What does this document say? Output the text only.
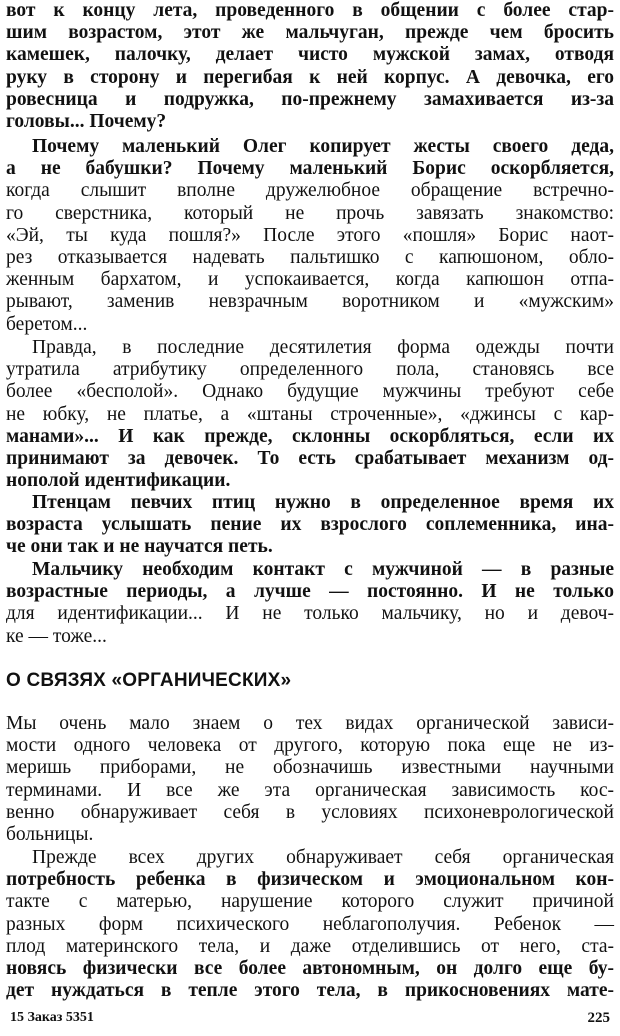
вот к концу лета, проведенного в общении с более стар-
шим возрастом, этот же мальчуган, прежде чем бросить
камешек, палочку, делает чисто мужской замах, отводя
руку в сторону и перегибая к ней корпус. А девочка, его
ровесница и подружка, по-прежнему замахивается из-за
головы... Почему?
Почему маленький Олег копирует жесты своего деда,
а не бабушки? Почему маленький Борис оскорбляется,
когда слышит вполне дружелюбное обращение встречно-
го сверстника, который не прочь завязать знакомство:
«Эй, ты куда пошля?» После этого «пошля» Борис наот-
рез отказывается надевать пальтишко с капюшоном, обло-
женным бархатом, и успокаивается, когда капюшон отпа-
рывают, заменив невзрачным воротником и «мужским»
беретом...
Правда, в последние десятилетия форма одежды почти
утратила атрибутику определенного пола, становясь все
более «бесполой». Однако будущие мужчины требуют себе
не юбку, не платье, а «штаны строченные», «джинсы с кар-
манами»... И как прежде, склонны оскорбляться, если их
принимают за девочек. То есть срабатывает механизм од-
нополой идентификации.
Птенцам певчих птиц нужно в определенное время их
возраста услышать пение их взрослого соплеменника, ина-
че они так и не научатся петь.
Мальчику необходим контакт с мужчиной — в разные
возрастные периоды, а лучше — постоянно. И не только
для идентификации... И не только мальчику, но и девоч-
ке — тоже...
О СВЯЗЯХ «ОРГАНИЧЕСКИХ»
Мы очень мало знаем о тех видах органической зависи-
мости одного человека от другого, которую пока еще не из-
меришь приборами, не обозначишь известными научными
терминами. И все же эта органическая зависимость кос-
венно обнаруживает себя в условиях психоневрологической
больницы.
Прежде всех других обнаруживает себя органическая
потребность ребенка в физическом и эмоциональном кон-
такте с матерью, нарушение которого служит причиной
разных форм психического неблагополучия. Ребенок —
плод материнского тела, и даже отделившись от него, ста-
новясь физически все более автономным, он долго еще бу-
дет нуждаться в тепле этого тела, в прикосновениях мате-
15 Заказ 5351	225
